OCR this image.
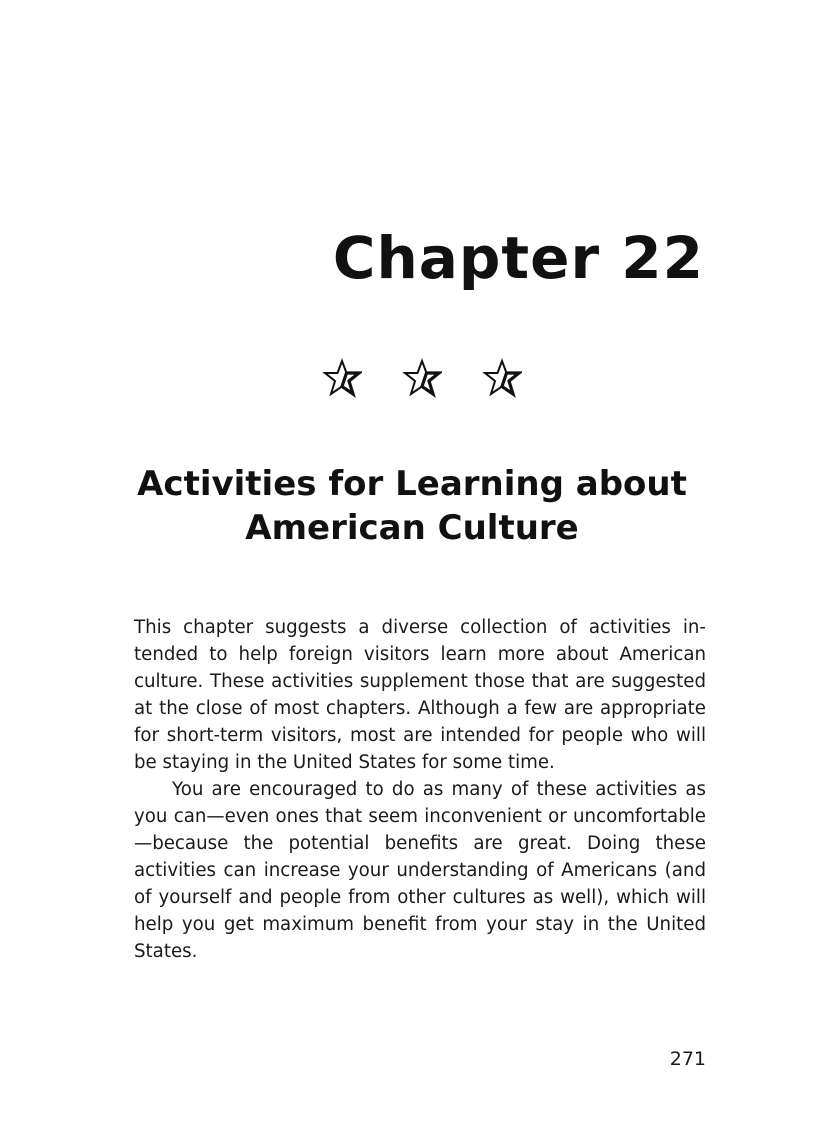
Chapter 22
Activities for Learning about
American Culture

This chapter suggests a diverse collection of activities intended to help foreign visitors learn more about American culture. These activities supplement those that are suggested at the close of most chapters. Although a few are appropriate for short-term visitors, most are intended for people who will be staying in the United States for some time.

You are encouraged to do as many of these activities as you can—even ones that seem inconvenient or uncomfortable—because the potential benefits are great. Doing these activities can increase your understanding of Americans (and of yourself and people from other cultures as well), which will help you get maximum benefit from your stay in the United States.

271
